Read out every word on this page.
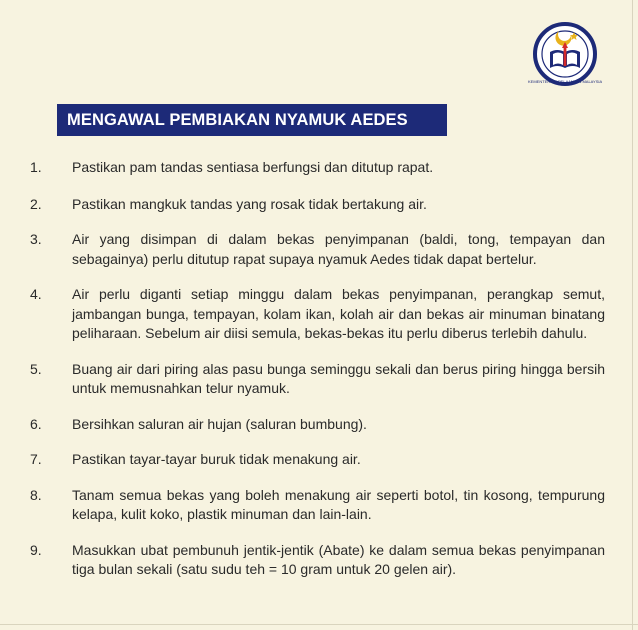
KEMENTERIAN PELAJARAN MALAYSIA
MENGAWAL PEMBIAKAN NYAMUK AEDES
1.	Pastikan pam tandas sentiasa berfungsi dan ditutup rapat.
2.	Pastikan mangkuk tandas yang rosak tidak bertakung air.
3.	Air yang disimpan di dalam bekas penyimpanan (baldi, tong, tempayan dan sebagainya) perlu ditutup rapat supaya nyamuk Aedes tidak dapat bertelur.
4.	Air perlu diganti setiap minggu dalam bekas penyimpanan, perangkap semut, jambangan bunga, tempayan, kolam ikan, kolah air dan bekas air minuman binatang peliharaan. Sebelum air diisi semula, bekas-bekas itu perlu diberus terlebih dahulu.
5.	Buang air dari piring alas pasu bunga seminggu sekali dan berus piring hingga bersih untuk memusnahkan telur nyamuk.
6.	Bersihkan saluran air hujan (saluran bumbung).
7.	Pastikan tayar-tayar buruk tidak menakung air.
8.	Tanam semua bekas yang boleh menakung air seperti botol, tin kosong, tempurung kelapa, kulit koko, plastik minuman dan lain-lain.
9.	Masukkan ubat pembunuh jentik-jentik (Abate) ke dalam semua bekas penyimpanan tiga bulan sekali (satu sudu teh = 10 gram untuk 20 gelen air).
